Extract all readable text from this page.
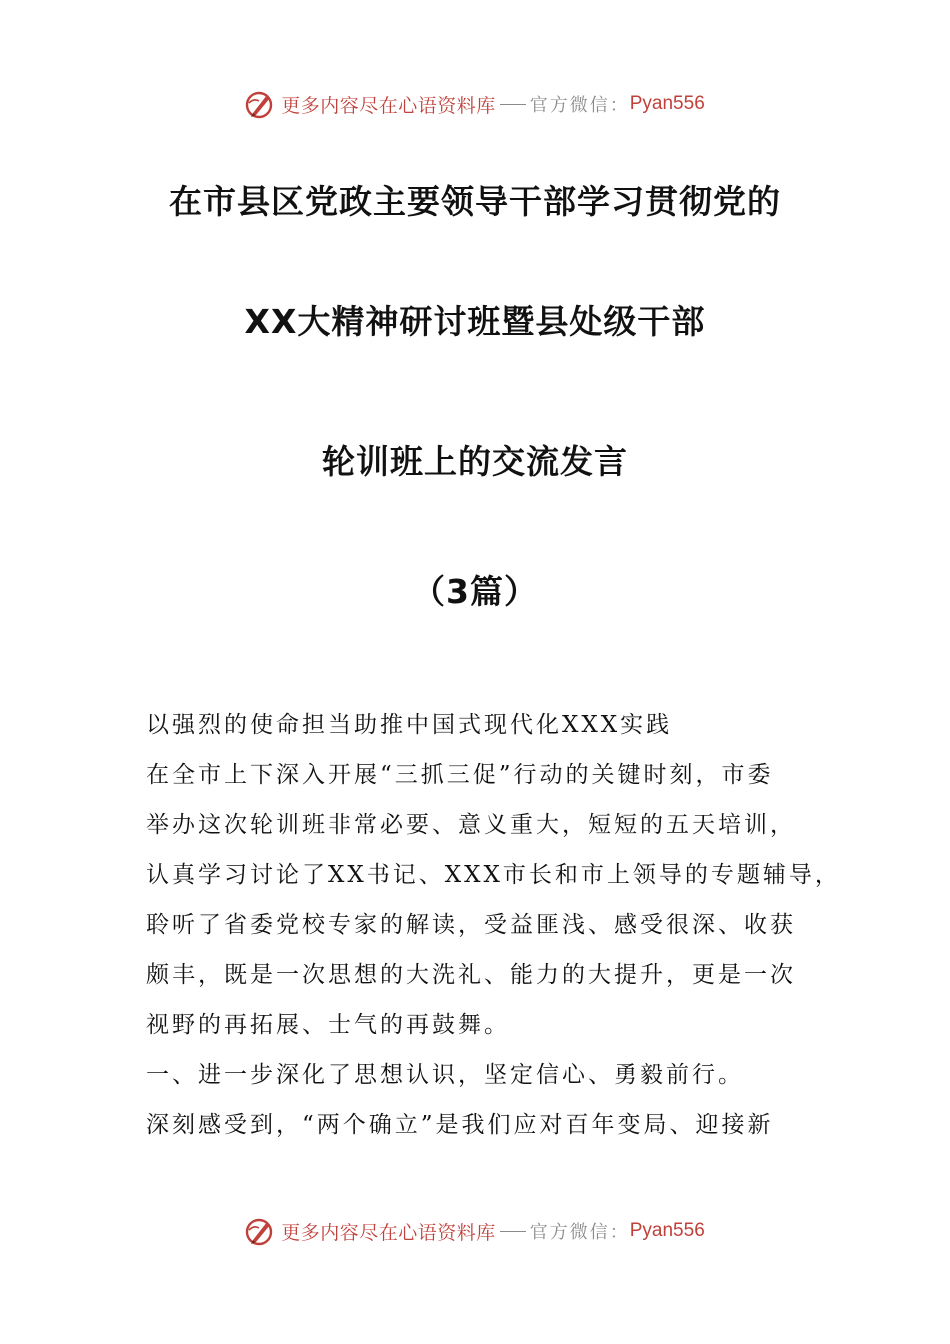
更多内容尽在心语资料库 官方微信： Pyan556
在市县区党政主要领导干部学习贯彻党的
XX大精神研讨班暨县处级干部
轮训班上的交流发言
（3篇）

以强烈的使命担当助推中国式现代化XXX实践

在全市上下深入开展“三抓三促”行动的关键时刻，市委

举办这次轮训班非常必要、意义重大，短短的五天培训，

认真学习讨论了XX书记、XXX市长和市上领导的专题辅导，

聆听了省委党校专家的解读，受益匪浅、感受很深、收获

颇丰，既是一次思想的大洗礼、能力的大提升，更是一次

视野的再拓展、士气的再鼓舞。

一、进一步深化了思想认识，坚定信心、勇毅前行。

深刻感受到，“两个确立”是我们应对百年变局、迎接新

更多内容尽在心语资料库 官方微信： Pyan556
